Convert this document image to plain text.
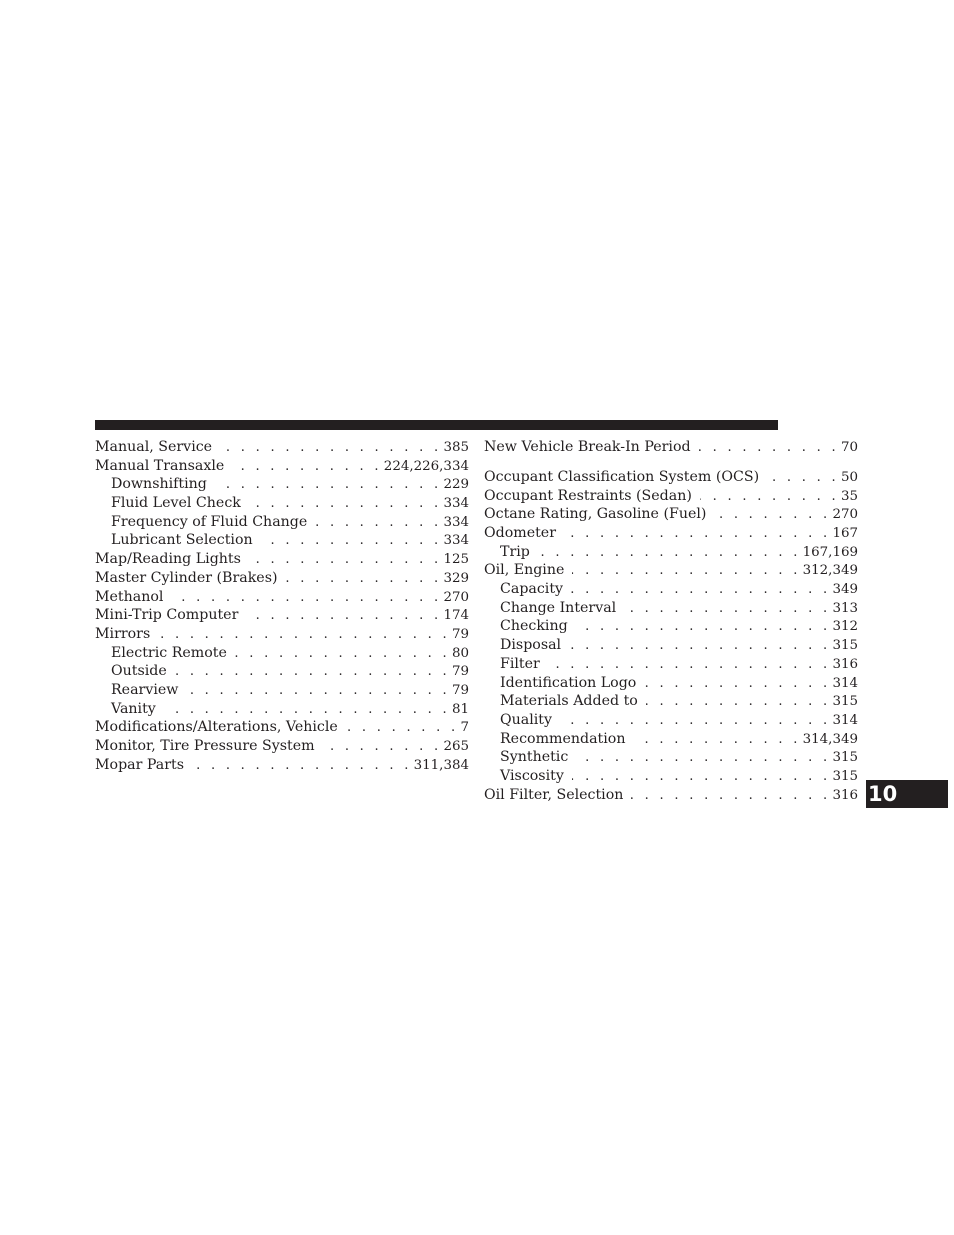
Manual, Service . . .	385
Manual Transaxle . . .	224,226,334
Downshifting . . .	229
Fluid Level Check . . .	334
Frequency of Fluid Change . . .	334
Lubricant Selection . . .	334
Map/Reading Lights . . .	125
Master Cylinder (Brakes) . . .	329
Methanol . . .	270
Mini-Trip Computer . . .	174
Mirrors . . .	79
Electric Remote . . .	80
Outside . . .	79
Rearview . . .	79
Vanity . . .	81
Modifications/Alterations, Vehicle . . .	7
Monitor, Tire Pressure System . . .	265
Mopar Parts . . .	311,384
New Vehicle Break-In Period . . .	70
Occupant Classification System (OCS) . . .	50
Occupant Restraints (Sedan) . . .	35
Octane Rating, Gasoline (Fuel) . . .	270
Odometer . . .	167
Trip . . .	167,169
Oil, Engine . . .	312,349
Capacity . . .	349
Change Interval . . .	313
Checking . . .	312
Disposal . . .	315
Filter . . .	316
Identification Logo . . .	314
Materials Added to . . .	315
Quality . . .	314
Recommendation . . .	314,349
Synthetic . . .	315
Viscosity . . .	315
Oil Filter, Selection . . .	316 10
